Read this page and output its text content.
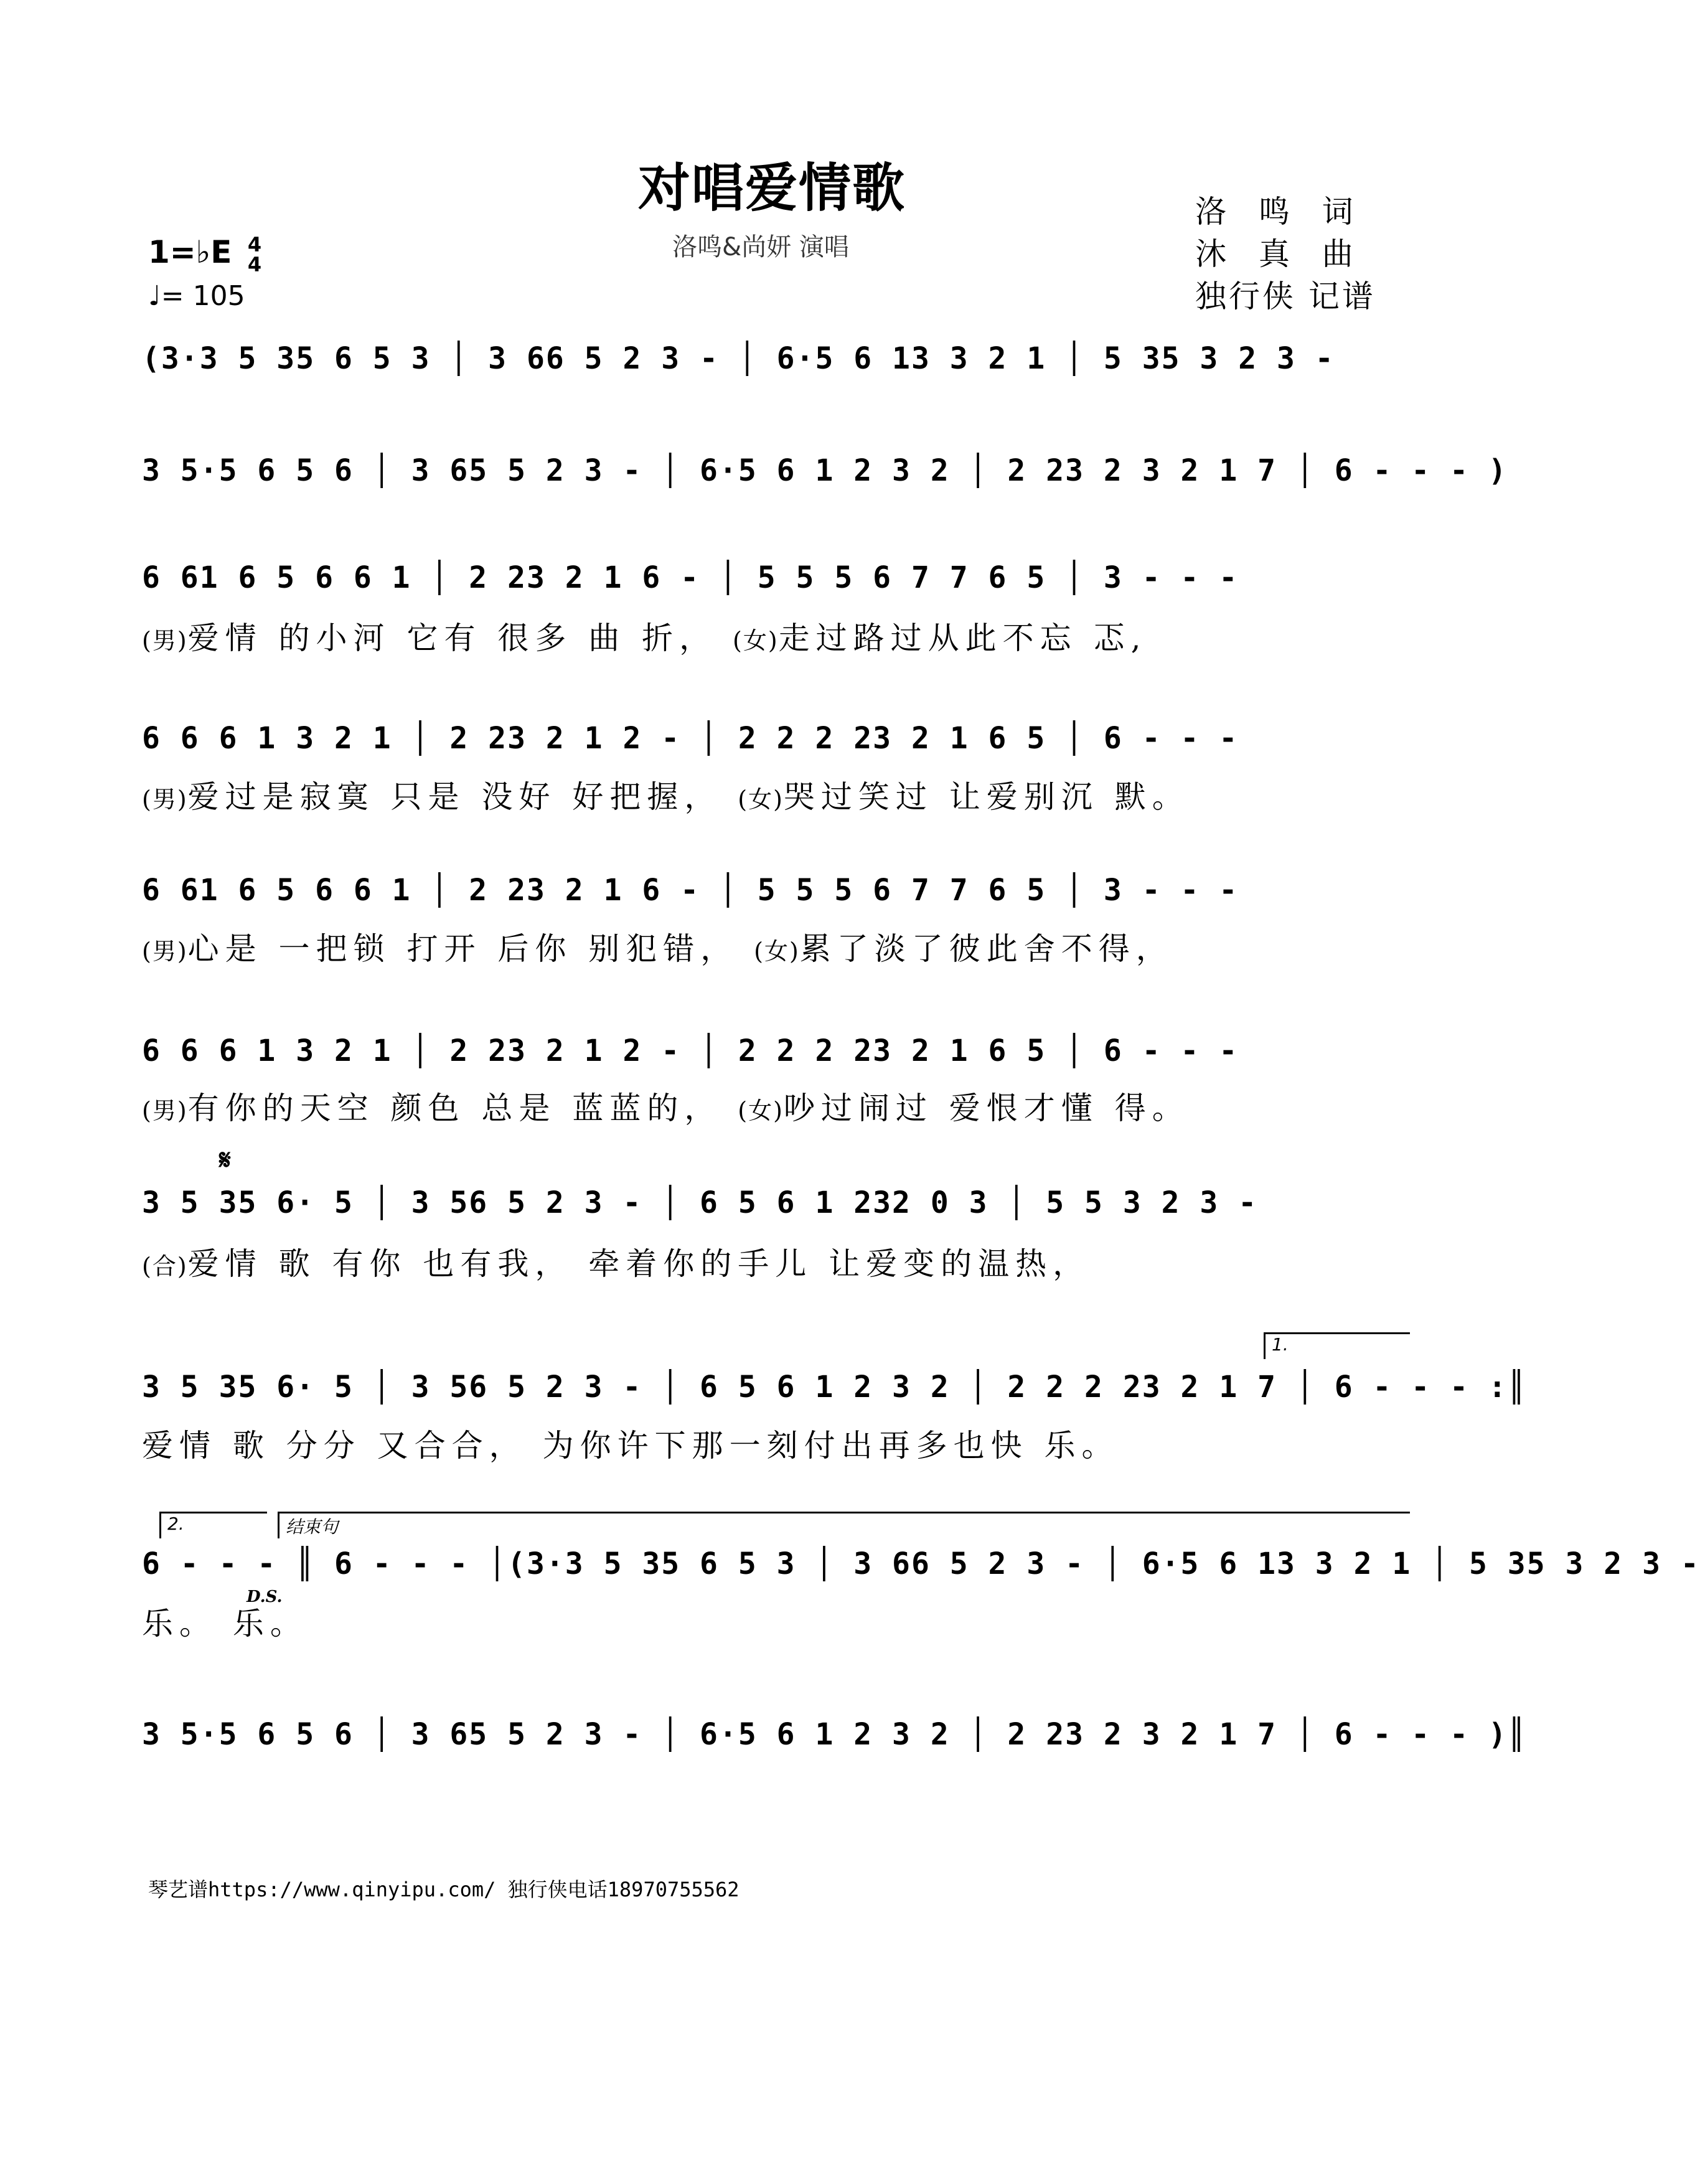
对唱爱情歌
洛鸣&尚妍 演唱
洛 鸣 词
沐 真 曲
独行侠 记谱
1=♭E 4
4
♩= 105
(3·3 5 35 6 5 3 │ 3 66 5 2 3 - │ 6·5 6 13 3 2 1 │ 5 35 3 2 3 -
3 5·5 6 5 6 │ 3 65 5 2 3 - │ 6·5 6 1 2 3 2 │ 2 23 2 3 2 1 7 │ 6 - - - )
6 61 6 5 6 6 1 │ 2 23 2 1 6 - │ 5 5 5 6 7 7 6 5 │ 3 - - -
(男)爱情 的小河 它有 很多 曲 折， (女)走过路过从此不忘 忑,
6 6 6 1 3 2 1 │ 2 23 2 1 2 - │ 2 2 2 23 2 1 6 5 │ 6 - - -
(男)爱过是寂寞 只是 没好 好把握， (女)哭过笑过 让爱别沉 默。
6 61 6 5 6 6 1 │ 2 23 2 1 6 - │ 5 5 5 6 7 7 6 5 │ 3 - - -
(男)心是 一把锁 打开 后你 别犯错， (女)累了淡了彼此舍不得，
6 6 6 1 3 2 1 │ 2 23 2 1 2 - │ 2 2 2 23 2 1 6 5 │ 6 - - -
(男)有你的天空 颜色 总是 蓝蓝的， (女)吵过闹过 爱恨才懂 得。
𝄋
3 5 35 6· 5 │ 3 56 5 2 3 - │ 6 5 6 1 232 0 3 │ 5 5 3 2 3 -
(合)爱情 歌 有你 也有我， 牵着你的手儿 让爱变的温热，
1.
3 5 35 6· 5 │ 3 56 5 2 3 - │ 6 5 6 1 2 3 2 │ 2 2 2 23 2 1 7 │ 6 - - - :║
爱情 歌 分分 又合合， 为你许下那一刻付出再多也快 乐。
2.	结束句
6 - - - ║ 6 - - - │(3·3 5 35 6 5 3 │ 3 66 5 2 3 - │ 6·5 6 13 3 2 1 │ 5 35 3 2 3 -
D.S.
乐。 乐。
3 5·5 6 5 6 │ 3 65 5 2 3 - │ 6·5 6 1 2 3 2 │ 2 23 2 3 2 1 7 │ 6 - - - )║
琴艺谱https://www.qinyipu.com/ 独行侠电话18970755562
